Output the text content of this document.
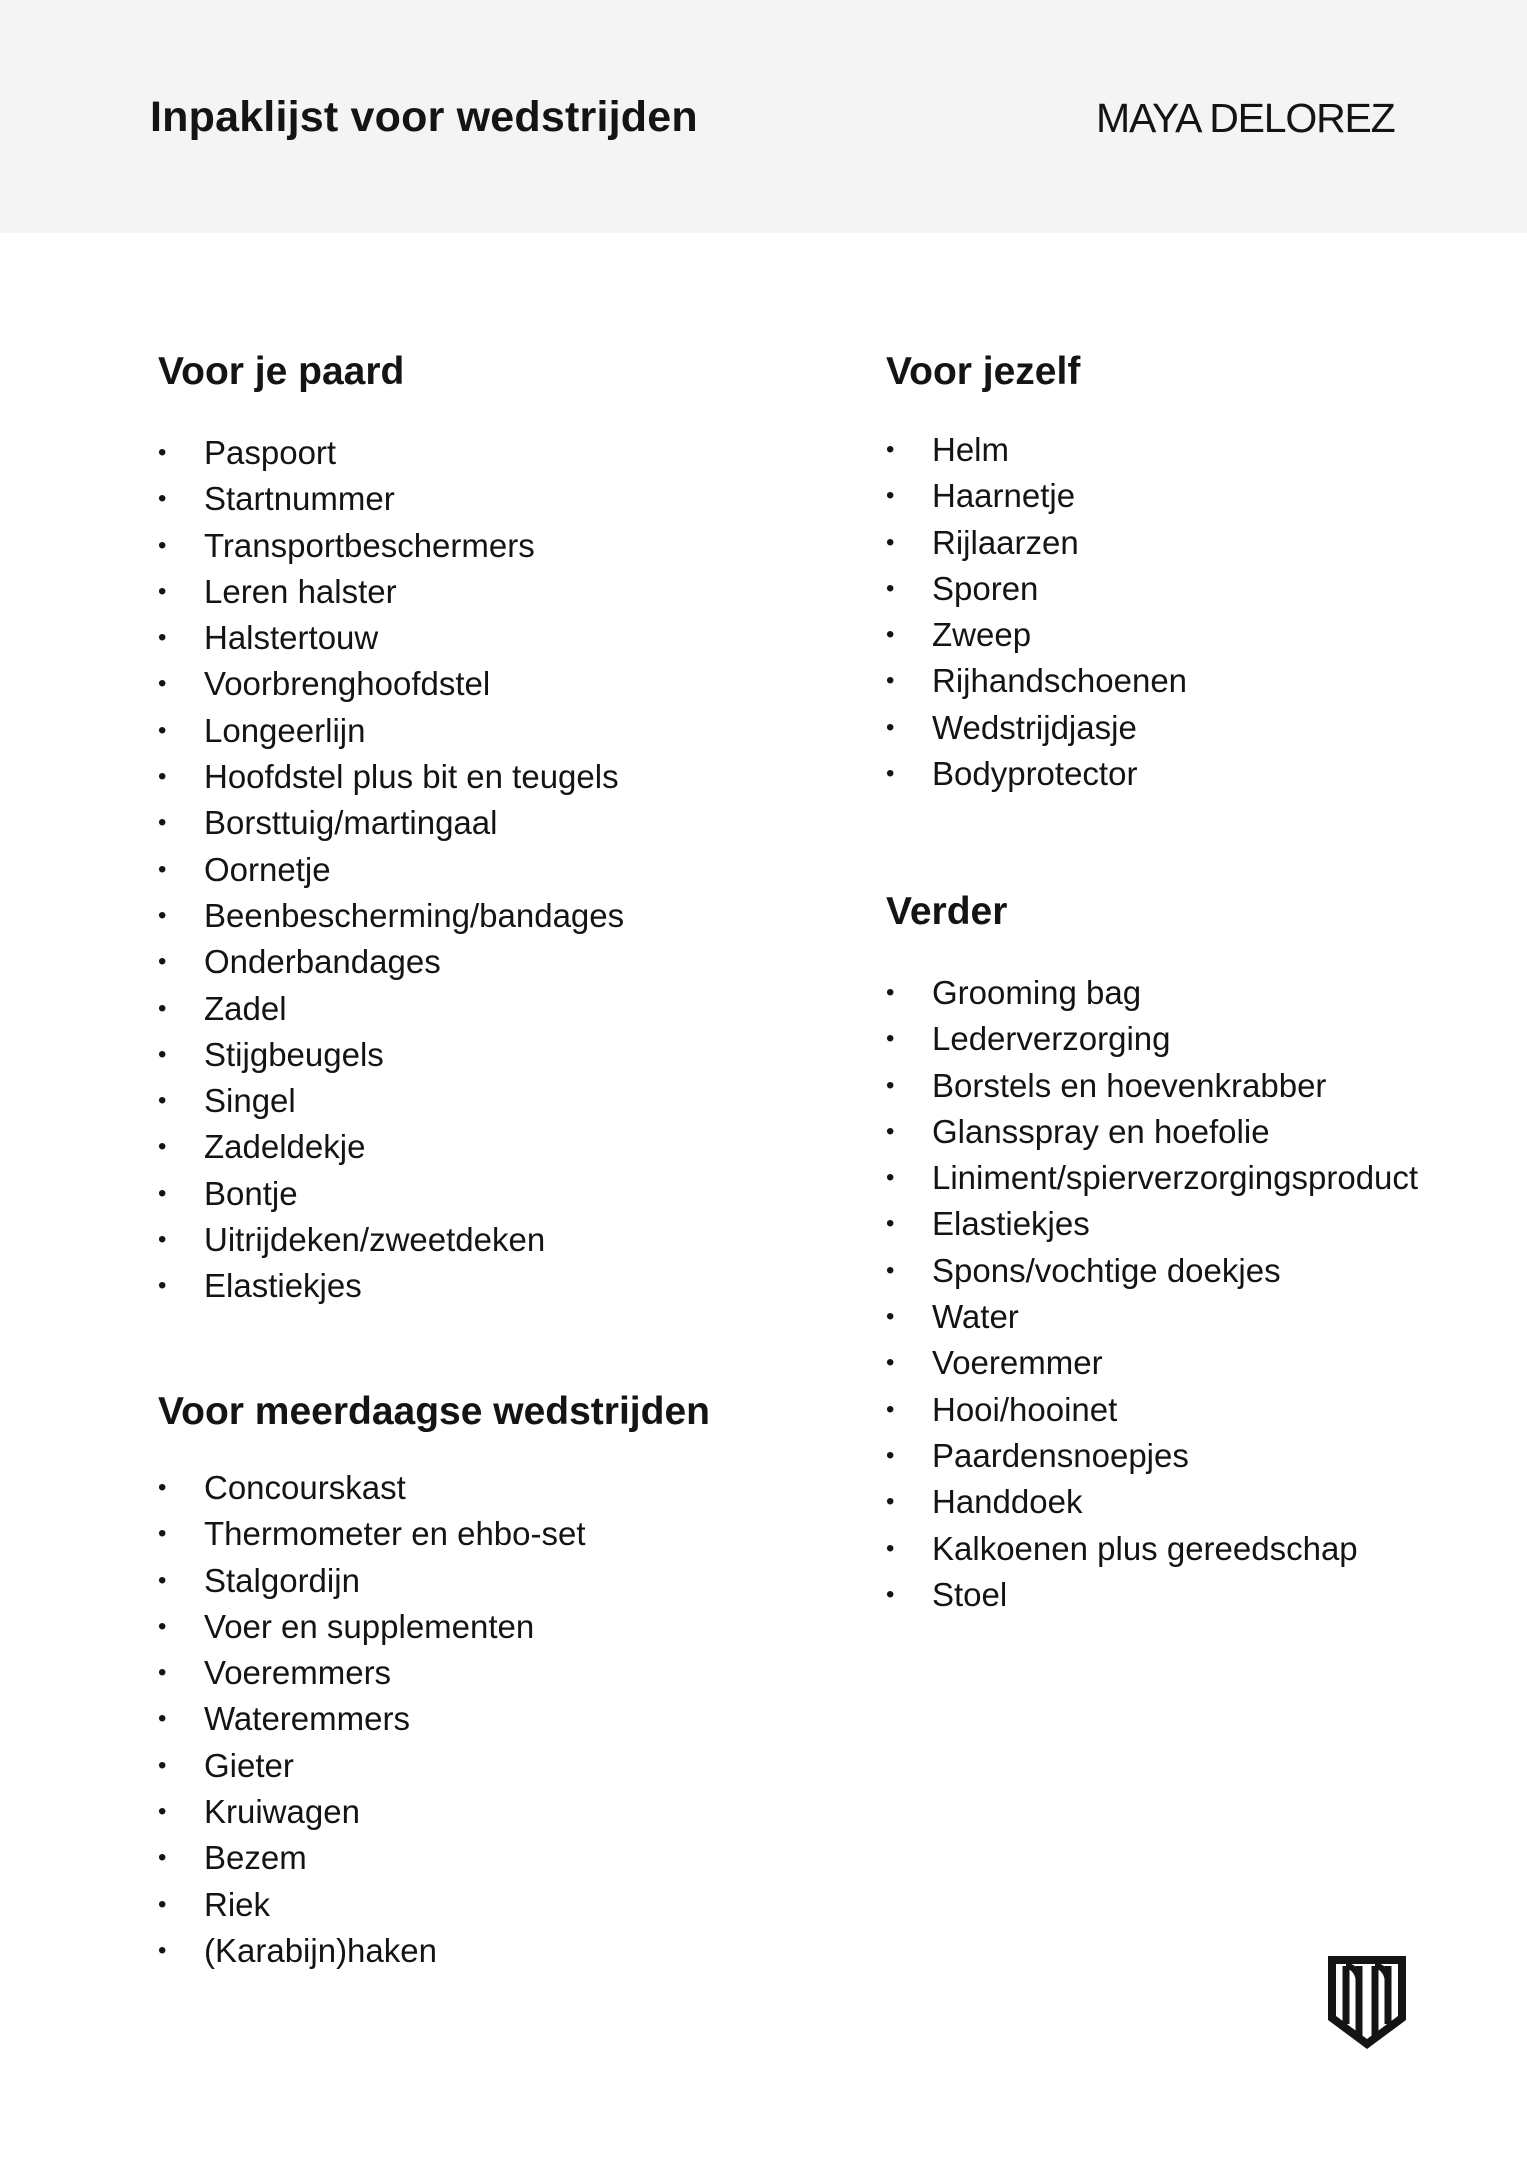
Inpaklijst voor wedstrijden	MAYA DELOREZ
Voor je paard
• Paspoort
• Startnummer
• Transportbeschermers
• Leren halster
• Halstertouw
• Voorbrenghoofdstel
• Longeerlijn
• Hoofdstel plus bit en teugels
• Borsttuig/martingaal
• Oornetje
• Beenbescherming/bandages
• Onderbandages
• Zadel
• Stijgbeugels
• Singel
• Zadeldekje
• Bontje
• Uitrijdeken/zweetdeken
• Elastiekjes
Voor meerdaagse wedstrijden
• Concourskast
• Thermometer en ehbo-set
• Stalgordijn
• Voer en supplementen
• Voeremmers
• Wateremmers
• Gieter
• Kruiwagen
• Bezem
• Riek
• (Karabijn)haken
Voor jezelf
• Helm
• Haarnetje
• Rijlaarzen
• Sporen
• Zweep
• Rijhandschoenen
• Wedstrijdjasje
• Bodyprotector
Verder
• Grooming bag
• Lederverzorging
• Borstels en hoevenkrabber
• Glansspray en hoefolie
• Liniment/spierverzorgingsproduct
• Elastiekjes
• Spons/vochtige doekjes
• Water
• Voeremmer
• Hooi/hooinet
• Paardensnoepjes
• Handdoek
• Kalkoenen plus gereedschap
• Stoel
